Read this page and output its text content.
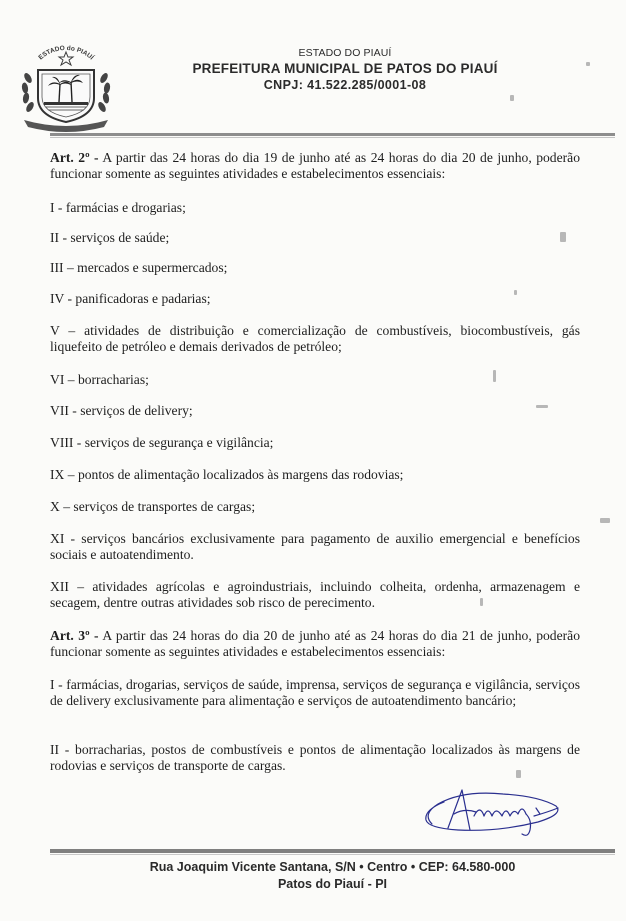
ESTADO do PIAUÍ	ESTADO DO PIAUÍ
PREFEITURA MUNICIPAL DE PATOS DO PIAUÍ
CNPJ: 41.522.285/0001-08

Art. 2º - A partir das 24 horas do dia 19 de junho até as 24 horas do dia 20 de junho, poderão funcionar somente as seguintes atividades e estabelecimentos essenciais:

I - farmácias e drogarias;

II - serviços de saúde;

III – mercados e supermercados;

IV - panificadoras e padarias;

V – atividades de distribuição e comercialização de combustíveis, biocombustíveis, gás liquefeito de petróleo e demais derivados de petróleo;

VI – borracharias;

VII - serviços de delivery;

VIII - serviços de segurança e vigilância;

IX – pontos de alimentação localizados às margens das rodovias;

X – serviços de transportes de cargas;

XI - serviços bancários exclusivamente para pagamento de auxilio emergencial e benefícios sociais e autoatendimento.

XII – atividades agrícolas e agroindustriais, incluindo colheita, ordenha, armazenagem e secagem, dentre outras atividades sob risco de perecimento.

Art. 3º - A partir das 24 horas do dia 20 de junho até as 24 horas do dia 21 de junho, poderão funcionar somente as seguintes atividades e estabelecimentos essenciais:

I - farmácias, drogarias, serviços de saúde, imprensa, serviços de segurança e vigilância, serviços de delivery exclusivamente para alimentação e serviços de autoatendimento bancário;

II - borracharias, postos de combustíveis e pontos de alimentação localizados às margens de rodovias e serviços de transporte de cargas.

Rua Joaquim Vicente Santana, S/N • Centro • CEP: 64.580-000
Patos do Piauí - PI
